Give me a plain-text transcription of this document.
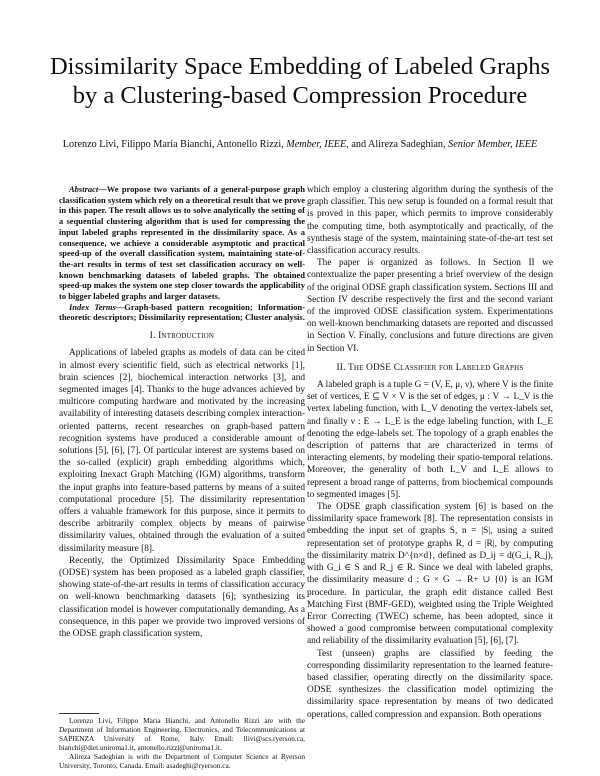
Dissimilarity Space Embedding of Labeled Graphs
by a Clustering-based Compression Procedure
Lorenzo Livi, Filippo Maria Bianchi, Antonello Rizzi, Member, IEEE, and Alireza Sadeghian, Senior Member, IEEE

Abstract—We propose two variants of a general-purpose graph classification system which rely on a theoretical result that we prove in this paper. The result allows us to solve analytically the setting of a sequential clustering algorithm that is used for compressing the input labeled graphs represented in the dissimilarity space. As a consequence, we achieve a considerable asymptotic and practical speed-up of the overall classification system, maintaining state-of-the-art results in terms of test set classification accuracy on well-known benchmarking datasets of labeled graphs. The obtained speed-up makes the system one step closer towards the applicability to bigger labeled graphs and larger datasets.

Index Terms—Graph-based pattern recognition; Information-theoretic descriptors; Dissimilarity representation; Cluster analysis.

I. Introduction

Applications of labeled graphs as models of data can be cited in almost every scientific field, such as electrical networks [1], brain sciences [2], biochemical interaction networks [3], and segmented images [4]. Thanks to the huge advances achieved by multicore computing hardware and motivated by the increasing availability of interesting datasets describing complex interaction-oriented patterns, recent researches on graph-based pattern recognition systems have produced a considerable amount of solutions [5], [6], [7]. Of particular interest are systems based on the so-called (explicit) graph embedding algorithms which, exploiting Inexact Graph Matching (IGM) algorithms, transform the input graphs into feature-based patterns by means of a suited computational procedure [5]. The dissimilarity representation offers a valuable framework for this purpose, since it permits to describe arbitrarily complex objects by means of pairwise dissimilarity values, obtained through the evaluation of a suited dissimilarity measure [8].

Recently, the Optimized Dissimilarity Space Embedding (ODSE) system has been proposed as a labeled graph classifier, showing state-of-the-art results in terms of classification accuracy on well-known benchmarking datasets [6]; synthesizing its classification model is however computationally demanding. As a consequence, in this paper we provide two improved versions of the ODSE graph classification system,

Lorenzo Livi, Filippo Maria Bianchi, and Antonello Rizzi are with the Department of Information Engineering, Electronics, and Telecommunications at SAPIENZA University of Rome, Italy. Email: llivi@scs.ryerson.ca, bianchi@diet.uniroma1.it, antonello.rizzi@uniroma1.it.

Alireza Sadeghian is with the Department of Computer Science at Ryerson University, Toronto, Canada. Email: asadeghi@ryerson.ca.

which employ a clustering algorithm during the synthesis of the graph classifier. This new setup is founded on a formal result that is proved in this paper, which permits to improve considerably the computing time, both asymptotically and practically, of the synthesis stage of the system, maintaining state-of-the-art test set classification accuracy results.

The paper is organized as follows. In Section II we contextualize the paper presenting a brief overview of the design of the original ODSE graph classification system. Sections III and Section IV describe respectively the first and the second variant of the improved ODSE classification system. Experimentations on well-known benchmarking datasets are reported and discussed in Section V. Finally, conclusions and future directions are given in Section VI.

II. The ODSE Classifier for Labeled Graphs

A labeled graph is a tuple G = (V, E, μ, ν), where V is the finite set of vertices, E ⊆ V × V is the set of edges, μ : V → L_V is the vertex labeling function, with L_V denoting the vertex-labels set, and finally ν : E → L_E is the edge labeling function, with L_E denoting the edge-labels set. The topology of a graph enables the description of patterns that are characterized in terms of interacting elements, by modeling their spatio-temporal relations. Moreover, the generality of both L_V and L_E allows to represent a broad range of patterns, from biochemical compounds to segmented images [5].

The ODSE graph classification system [6] is based on the dissimilarity space framework [8]. The representation consists in embedding the input set of graphs S, n = |S|, using a suited representation set of prototype graphs R, d = |R|, by computing the dissimilarity matrix D^{n×d}, defined as D_ij = d(G_i, R_j), with G_i ∈ S and R_j ∈ R. Since we deal with labeled graphs, the dissimilarity measure d : G × G → R+ ∪ {0} is an IGM procedure. In particular, the graph edit distance called Best Matching First (BMF-GED), weighted using the Triple Weighted Error Correcting (TWEC) scheme, has been adopted, since it showed a good compromise between computational complexity and reliability of the dissimilarity evaluation [5], [6], [7].

Test (unseen) graphs are classified by feeding the corresponding dissimilarity representation to the learned feature-based classifier, operating directly on the dissimilarity space. ODSE synthesizes the classification model optimizing the dissimilarity space representation by means of two dedicated operations, called compression and expansion. Both operations
